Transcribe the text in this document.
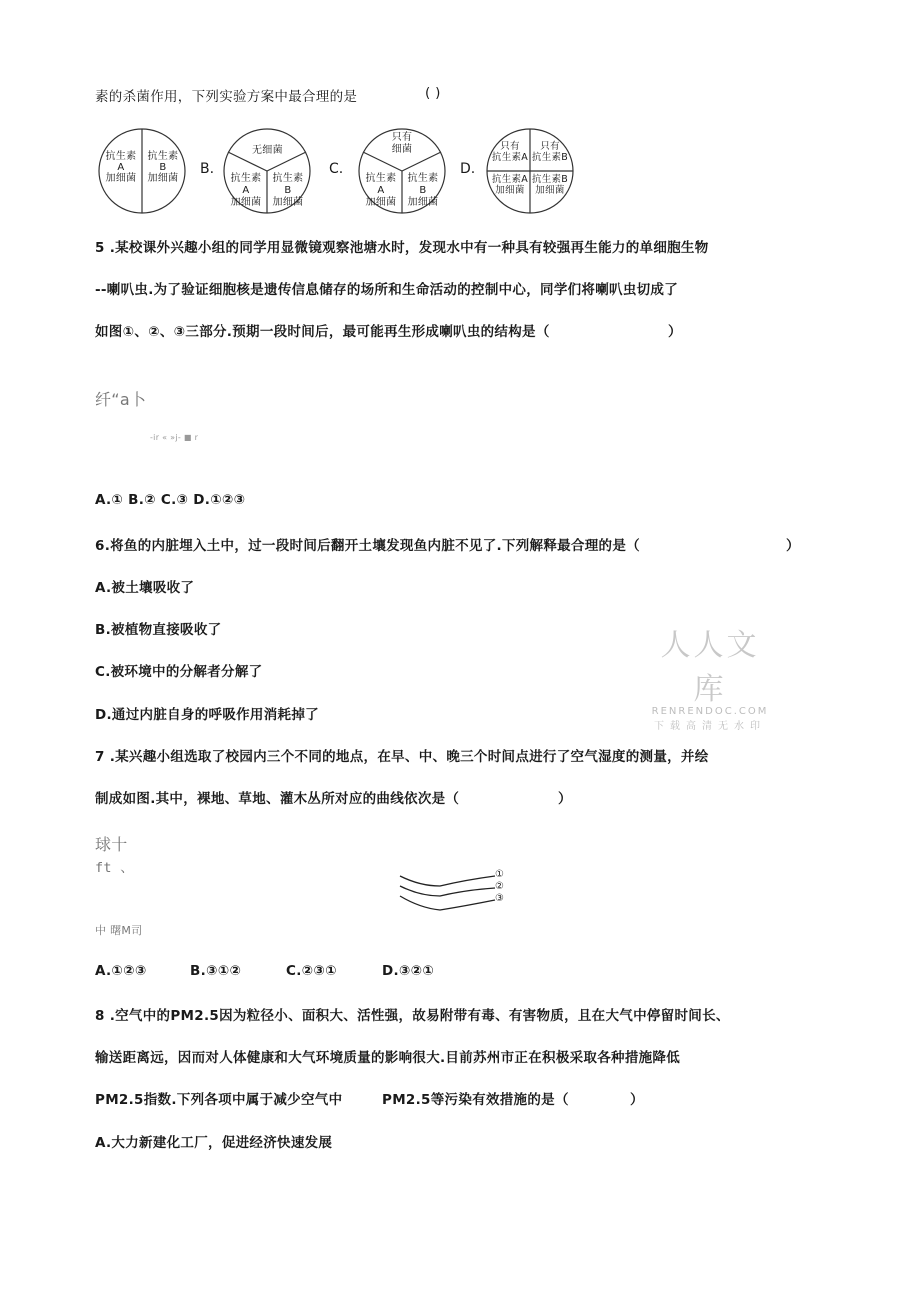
素的杀菌作用，下列实验方案中最合理的是	( )
抗生素
A
加细菌
抗生素
B
加细菌
B.
无细菌
抗生素A
加细菌
抗生素B
加细菌
C.
只有
细菌
抗生素A
加细菌
抗生素B
加细菌
D.
只有
抗生素A
只有
抗生素B
抗生素A
加细菌
抗生素B
加细菌
5 .某校课外兴趣小组的同学用显微镜观察池塘水时，发现水中有一种具有较强再生能力的单细胞生物
--喇叭虫.为了验证细胞核是遗传信息储存的场所和生命活动的控制中心，同学们将喇叭虫切成了
如图①、②、③三部分.预期一段时间后，最可能再生形成喇叭虫的结构是（	）
纤“a卜
-ir « »j- ■ r
A.① B.② C.③ D.①②③
6.将鱼的内脏埋入土中，过一段时间后翻开土壤发现鱼内脏不见了.下列解释最合理的是（	）
A.被土壤吸收了
B.被植物直接吸收了
C.被环境中的分解者分解了
D.通过内脏自身的呼吸作用消耗掉了
人人文库
RENRENDOC.COM
下载高清无水印
7 .某兴趣小组选取了校园内三个不同的地点，在早、中、晚三个时间点进行了空气湿度的测量，并绘
制成如图.其中，裸地、草地、灌木丛所对应的曲线依次是（	）
球十
ft 、	①
②
③
中 曙M司
A.①②③	B.③①②	C.②③①	D.③②①
8 .空气中的PM2.5因为粒径小、面积大、活性强，故易附带有毒、有害物质，且在大气中停留时间长、
输送距离远，因而对人体健康和大气环境质量的影响很大.目前苏州市正在积极采取各种措施降低
PM2.5指数.下列各项中属于减少空气中	PM2.5等污染有效措施的是（	）
A.大力新建化工厂，促进经济快速发展
